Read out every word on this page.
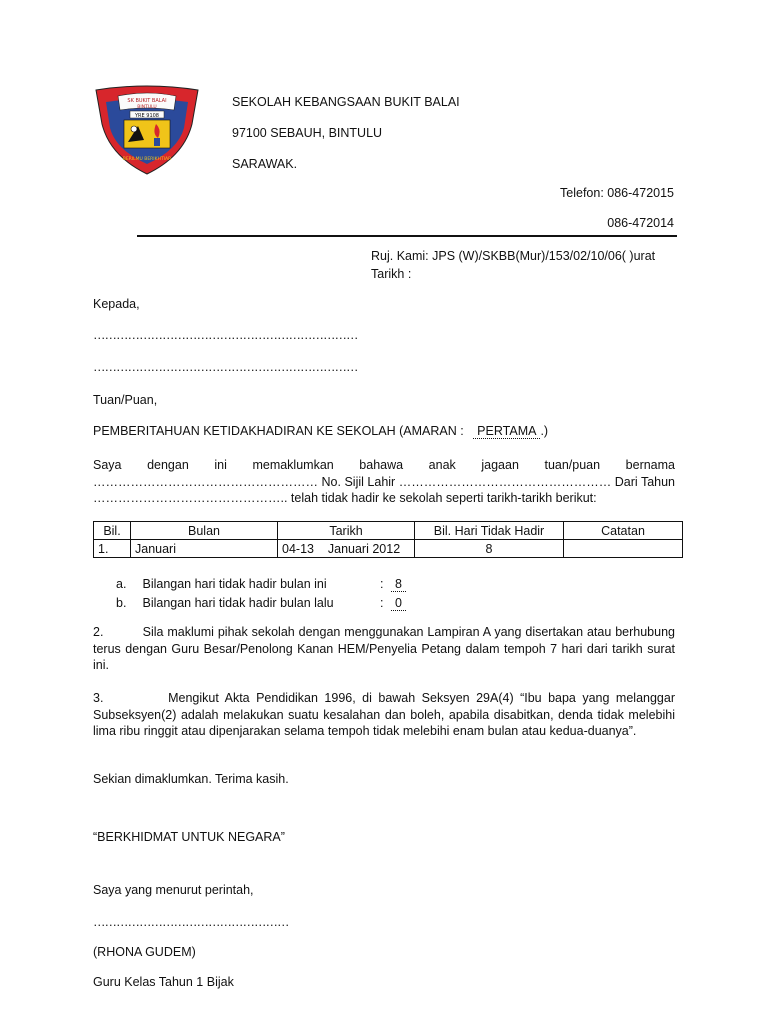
SK BUKIT BALAI
BINTULU
YRE 9108
BERILMU BERIKHTIAR
SEKOLAH KEBANGSAAN BUKIT BALAI
97100 SEBAUH, BINTULU
SARAWAK.
Telefon: 086-472015
086-472014
Ruj. Kami: JPS (W)/SKBB(Mur)/153/02/10/06( )urat
Tarikh :
Kepada,
……………………………………………………………
……………………………………………………………
Tuan/Puan,
PEMBERITAHUAN KETIDAKHADIRAN KE SEKOLAH (AMARAN : PERTAMA .)
Saya dengan ini memaklumkan bahawa anak jagaan tuan/puan bernama ……………………………………………… No. Sijil Lahir …………………………………………… Dari Tahun ……………………………………….. telah tidak hadir ke sekolah seperti tarikh-tarikh berikut:
Bil.	Bulan	Tarikh	Bil. Hari Tidak Hadir	Catatan
1.	Januari	04-13    Januari 2012	8	
a. Bilangan hari tidak hadir bulan ini	: 8
b. Bilangan hari tidak hadir bulan lalu	: 0
2.          Sila maklumi pihak sekolah dengan menggunakan Lampiran A yang disertakan atau berhubung terus dengan Guru Besar/Penolong Kanan HEM/Penyelia Petang dalam tempoh 7 hari dari tarikh surat ini.
3.          Mengikut Akta Pendidikan 1996, di bawah Seksyen 29A(4) “Ibu bapa yang melanggar Subseksyen(2) adalah melakukan suatu kesalahan dan boleh, apabila disabitkan, denda tidak melebihi lima ribu ringgit atau dipenjarakan selama tempoh tidak melebihi enam bulan atau kedua-duanya”.
Sekian dimaklumkan. Terima kasih.
“BERKHIDMAT UNTUK NEGARA”
Saya yang menurut perintah,
……………………………………………
(RHONA GUDEM)
Guru Kelas Tahun 1 Bijak
